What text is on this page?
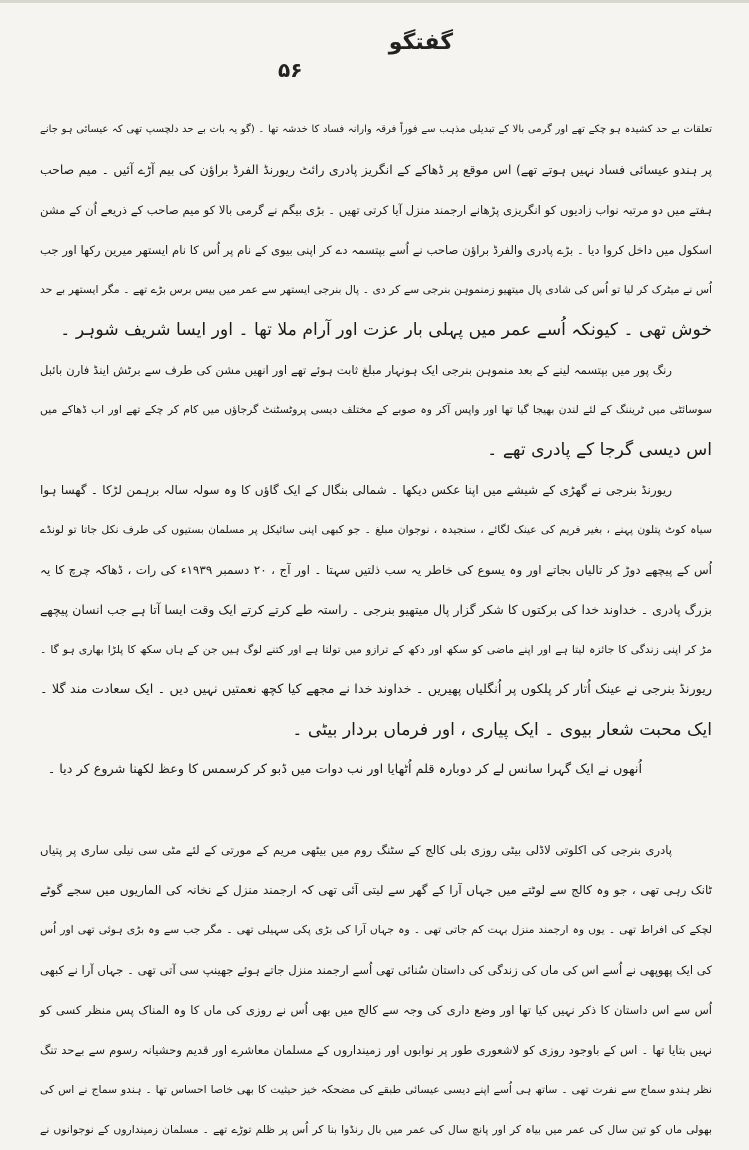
گفتگو
۵۶
تعلقات بے حد کشیدہ ہو چکے تھے اور گرمی بالا کے تبدیلی مذہب سے فوراً فرقہ وارانہ فساد کا خدشہ تھا ۔ (گو یہ بات بے حد دلچسپ تھی کہ عیسائی ہو جانے
پر ہندو عیسائی فساد نہیں ہوتے تھے) اس موقع پر ڈھاکے کے انگریز پادری رائٹ ریورنڈ الفرڈ براؤن کی بیم آڑے آئیں ۔ میم صاحب
ہفتے میں دو مرتبہ نواب زادیوں کو انگریزی پڑھانے ارجمند منزل آیا کرتی تھیں ۔ بڑی بیگم نے گرمی بالا کو میم صاحب کے ذریعے اُن کے مشن
اسکول میں داخل کروا دیا ۔ بڑے پادری والفرڈ براؤن صاحب نے اُسے بپتسمہ دے کر اپنی بیوی کے نام پر اُس کا نام ایستھر میرین رکھا اور جب
اُس نے میٹرک کر لیا تو اُس کی شادی پال میتھیو زمنموہن بنرجی سے کر دی ۔ پال بنرجی ایستھر سے عمر میں بیس برس بڑے تھے ۔ مگر ایستھر بے حد
خوش تھی ۔ کیونکہ اُسے عمر میں پہلی بار عزت اور آرام ملا تھا ۔ اور ایسا شریف شوہر ۔
رنگ پور میں بپتسمہ لینے کے بعد منموہن بنرجی ایک ہونہار مبلغ ثابت ہوئے تھے اور انھیں مشن کی طرف سے برٹش اینڈ فارن بائبل
سوسائٹی میں ٹریننگ کے لئے لندن بھیجا گیا تھا اور واپس آکر وہ صوبے کے مختلف دیسی پروٹسٹنٹ گرجاؤں میں کام کر چکے تھے اور اب ڈھاکے میں
اس دیسی گرجا کے پادری تھے ۔
ریورنڈ بنرجی نے گھڑی کے شیشے میں اپنا عکس دیکھا ۔ شمالی بنگال کے ایک گاؤں کا وہ سولہ سالہ برہمن لڑکا ۔ گھسا ہوا
سیاہ کوٹ پتلون پہنے ، بغیر فریم کی عینک لگائے ، سنجیدہ ، نوجوان مبلغ ۔ جو کبھی اپنی سائیکل پر مسلمان بستیوں کی طرف نکل جاتا تو لونڈے
اُس کے پیچھے دوڑ کر تالیاں بجاتے اور وہ یسوع کی خاطر یہ سب ذلتیں سہتا ۔ اور آج ، ۲۰ دسمبر ۱۹۳۹ء کی رات ، ڈھاکہ چرچ کا یہ
بزرگ پادری ۔ خداوند خدا کی برکتوں کا شکر گزار پال میتھیو بنرجی ۔ راستہ طے کرتے کرتے ایک وقت ایسا آتا ہے جب انسان پیچھے
مڑ کر اپنی زندگی کا جائزہ لیتا ہے اور اپنے ماضی کو سکھ اور دکھ کے ترازو میں تولتا ہے اور کتنے لوگ ہیں جن کے ہاں سکھ کا پلڑا بھاری ہو گا ۔
ریورنڈ بنرجی نے عینک اُتار کر پلکوں پر اُنگلیاں پھیریں ۔ خداوند خدا نے مجھے کیا کچھ نعمتیں نہیں دیں ۔ ایک سعادت مند گلا ۔
ایک محبت شعار بیوی ۔ ایک پیاری ، اور فرماں بردار بیٹی ۔
اُنھوں نے ایک گہرا سانس لے کر دوبارہ قلم اُٹھایا اور نب دوات میں ڈبو کر کرسمس کا وعظ لکھنا شروع کر دیا ۔
پادری بنرجی کی اکلوتی لاڈلی بیٹی روزی بلی کالج کے سٹنگ روم میں بیٹھی مریم کے مورتی کے لئے مٹی سی نیلی ساری پر پتیاں
ٹانک رہی تھی ، جو وہ کالج سے لوٹتے میں جہاں آرا کے گھر سے لیتی آئی تھی کہ ارجمند منزل کے نخانہ کی الماریوں میں سجے گوٹے
لچکے کی افراط تھی ۔ یوں وہ ارجمند منزل بہت کم جاتی تھی ۔ وہ جہاں آرا کی بڑی پکی سہیلی تھی ۔ مگر جب سے وہ بڑی ہوئی تھی اور اُس
کی ایک پھوپھی نے اُسے اس کی ماں کی زندگی کی داستان سُنائی تھی اُسے ارجمند منزل جاتے ہوئے جھینپ سی آتی تھی ۔ جہاں آرا نے کبھی
اُس سے اس داستان کا ذکر نہیں کیا تھا اور وضع داری کی وجہ سے کالج میں بھی اُس نے روزی کی ماں کا وہ المناک پس منظر کسی کو
نہیں بتایا تھا ۔ اس کے باوجود روزی کو لاشعوری طور پر نوابوں اور زمینداروں کے مسلمان معاشرے اور قدیم وحشیانہ رسوم سے بےحد تنگ
نظر ہندو سماج سے نفرت تھی ۔ ساتھ ہی اُسے اپنے دیسی عیسائی طبقے کی مضحکہ خیز حیثیت کا بھی خاصا احساس تھا ۔ ہندو سماج نے اس کی
بھولی ماں کو تین سال کی عمر میں بیاہ کر اور پانچ سال کی عمر میں بال رنڈوا بنا کر اُس پر ظلم توڑے تھے ۔ مسلمان زمینداروں کے نوجوانوں نے
